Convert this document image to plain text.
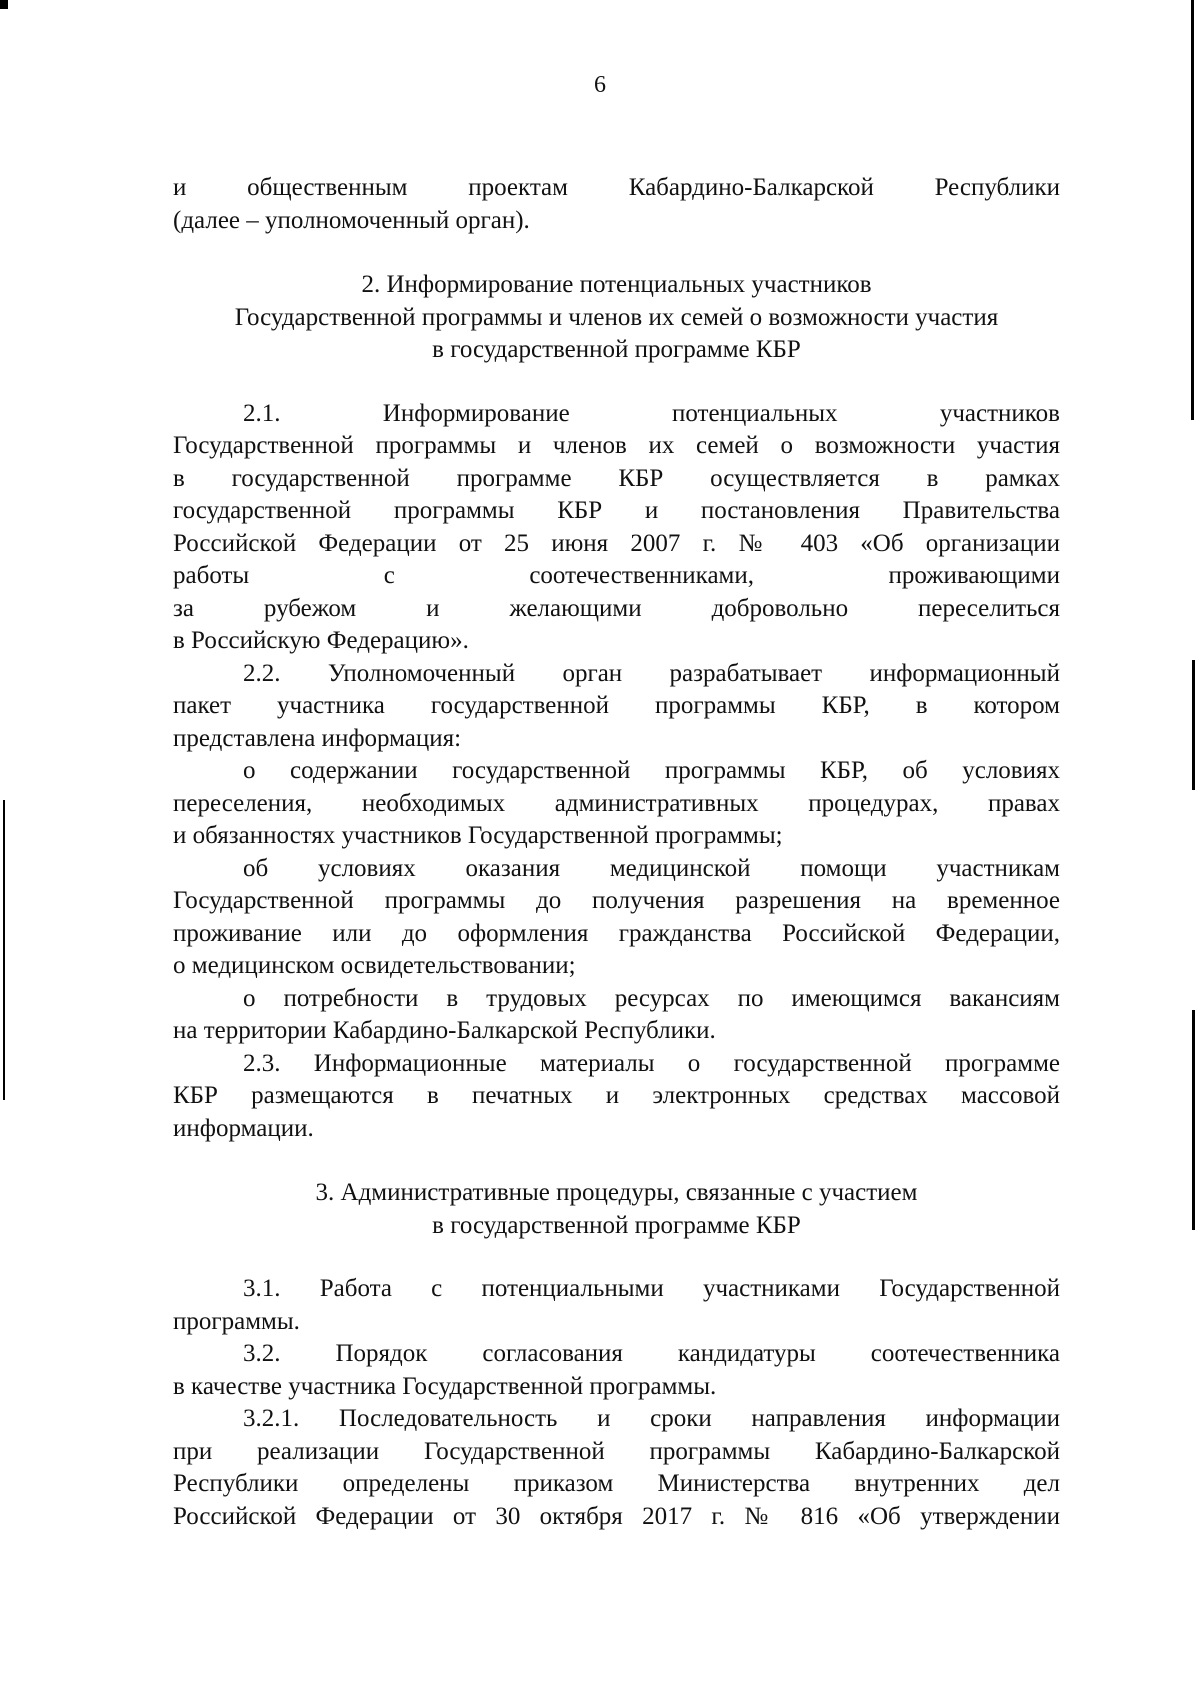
6

и общественным проектам Кабардино-Балкарской Республики
(далее – уполномоченный орган).

2. Информирование потенциальных участников
Государственной программы и членов их семей о возможности участия
в государственной программе КБР

2.1. Информирование потенциальных участников
Государственной программы и членов их семей о возможности участия
в государственной программе КБР осуществляется в рамках
государственной программы КБР и постановления Правительства
Российской Федерации от 25 июня 2007 г. № 403 «Об организации
работы с соотечественниками, проживающими
за рубежом и желающими добровольно переселиться
в Российскую Федерацию».

2.2. Уполномоченный орган разрабатывает информационный
пакет участника государственной программы КБР, в котором
представлена информация:

о содержании государственной программы КБР, об условиях
переселения, необходимых административных процедурах, правах
и обязанностях участников Государственной программы;

об условиях оказания медицинской помощи участникам
Государственной программы до получения разрешения на временное
проживание или до оформления гражданства Российской Федерации,
о медицинском освидетельствовании;

о потребности в трудовых ресурсах по имеющимся вакансиям
на территории Кабардино-Балкарской Республики.

2.3. Информационные материалы о государственной программе
КБР размещаются в печатных и электронных средствах массовой
информации.

3. Административные процедуры, связанные с участием
в государственной программе КБР

3.1. Работа с потенциальными участниками Государственной
программы.

3.2. Порядок согласования кандидатуры соотечественника
в качестве участника Государственной программы.

3.2.1. Последовательность и сроки направления информации
при реализации Государственной программы Кабардино-Балкарской
Республики определены приказом Министерства внутренних дел
Российской Федерации от 30 октября 2017 г. № 816 «Об утверждении
